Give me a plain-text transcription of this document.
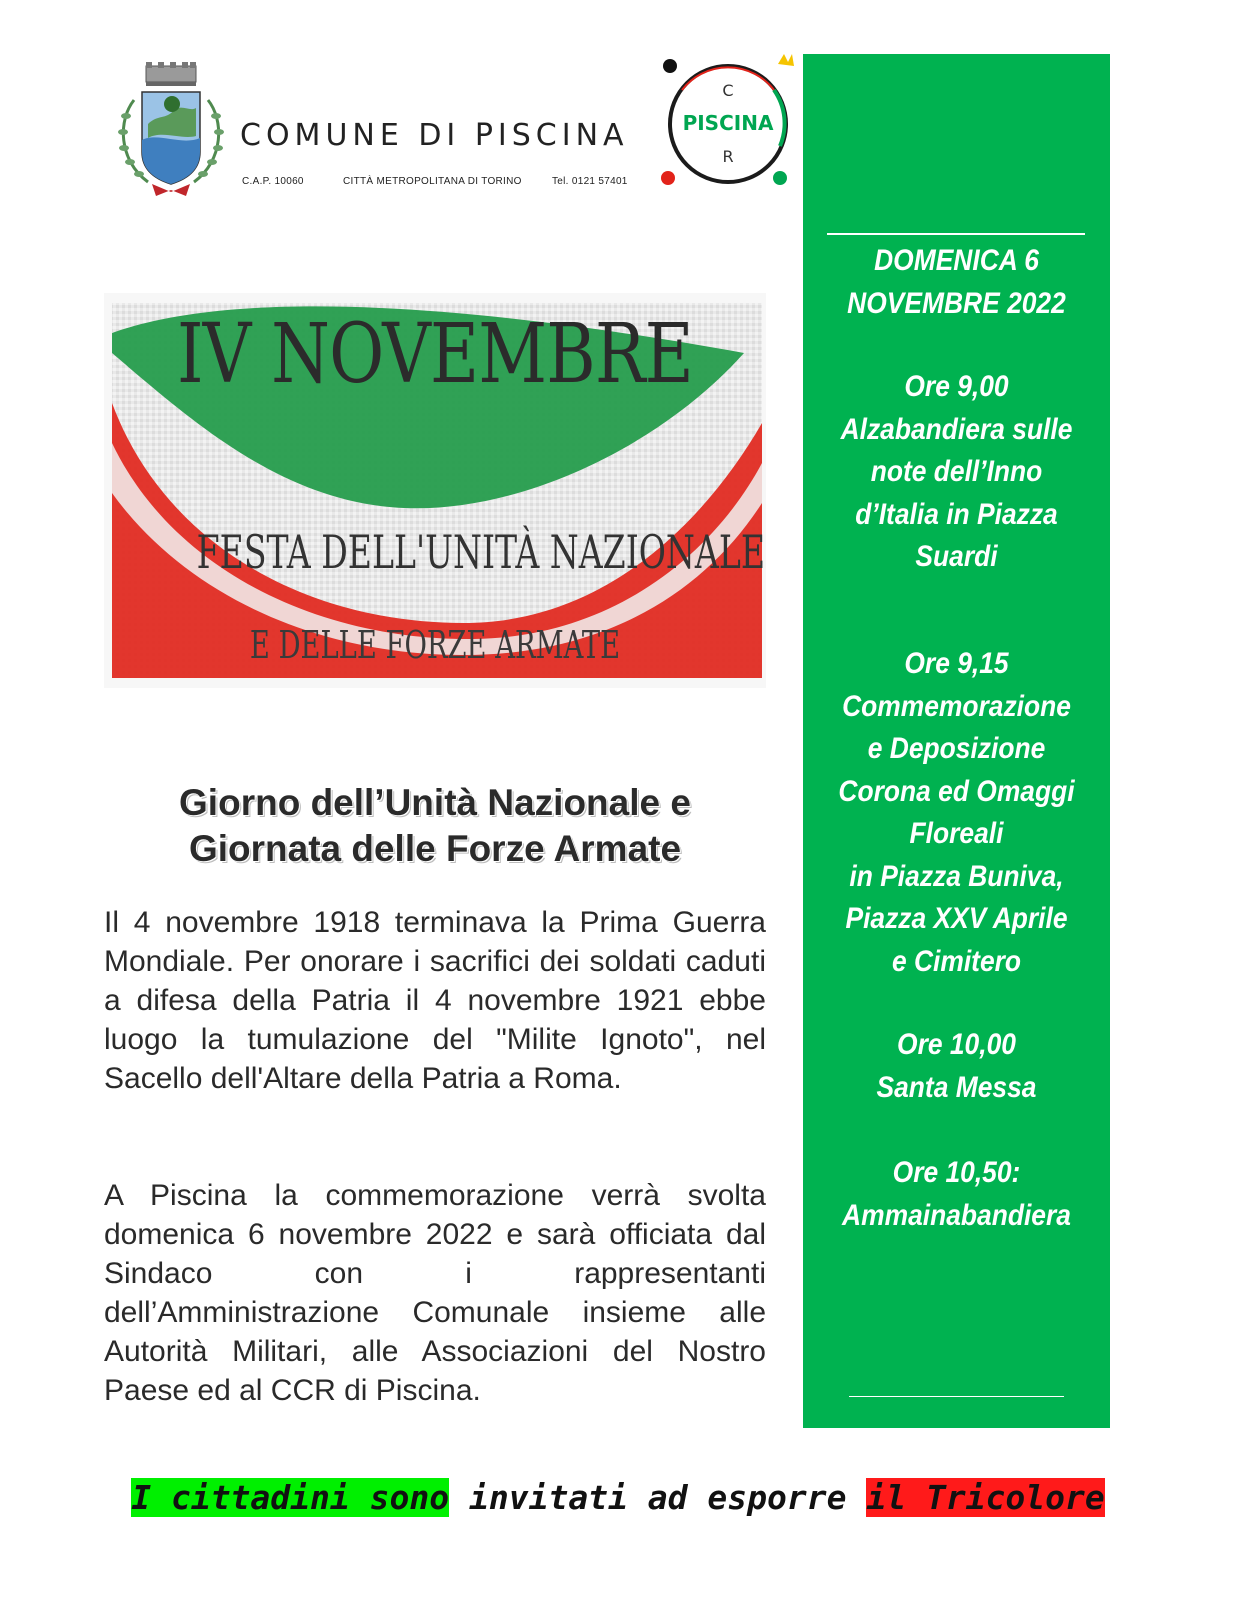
COMUNE DI PISCINA
C.A.P. 10060	CITTÀ METROPOLITANA DI TORINO	Tel. 0121 57401
C
PISCINA
R
IV NOVEMBRE
FESTA DELL'UNITÀ NAZIONALE
E DELLE FORZE ARMATE
Giorno dell’Unità Nazionale e
Giornata delle Forze Armate
Il 4 novembre 1918 terminava la Prima Guerra Mondiale. Per onorare i sacrifici dei soldati caduti a difesa della Patria il 4 novembre 1921 ebbe luogo la tumulazione del "Milite Ignoto", nel Sacello dell'Altare della Patria a Roma.
A Piscina la commemorazione verrà svolta domenica 6 novembre 2022 e sarà officiata dal Sindaco con i rappresentanti dell’Amministrazione Comunale insieme alle Autorità Militari, alle Associazioni del Nostro Paese ed al CCR di Piscina.
DOMENICA 6
NOVEMBRE 2022
Ore 9,00
Alzabandiera sulle
note dell’Inno
d’Italia in Piazza
Suardi
Ore 9,15
Commemorazione
e Deposizione
Corona ed Omaggi
Floreali
in Piazza Buniva,
Piazza XXV Aprile
e Cimitero
Ore 10,00
Santa Messa
Ore 10,50:
Ammainabandiera
I cittadini sono invitati ad esporre il Tricolore
